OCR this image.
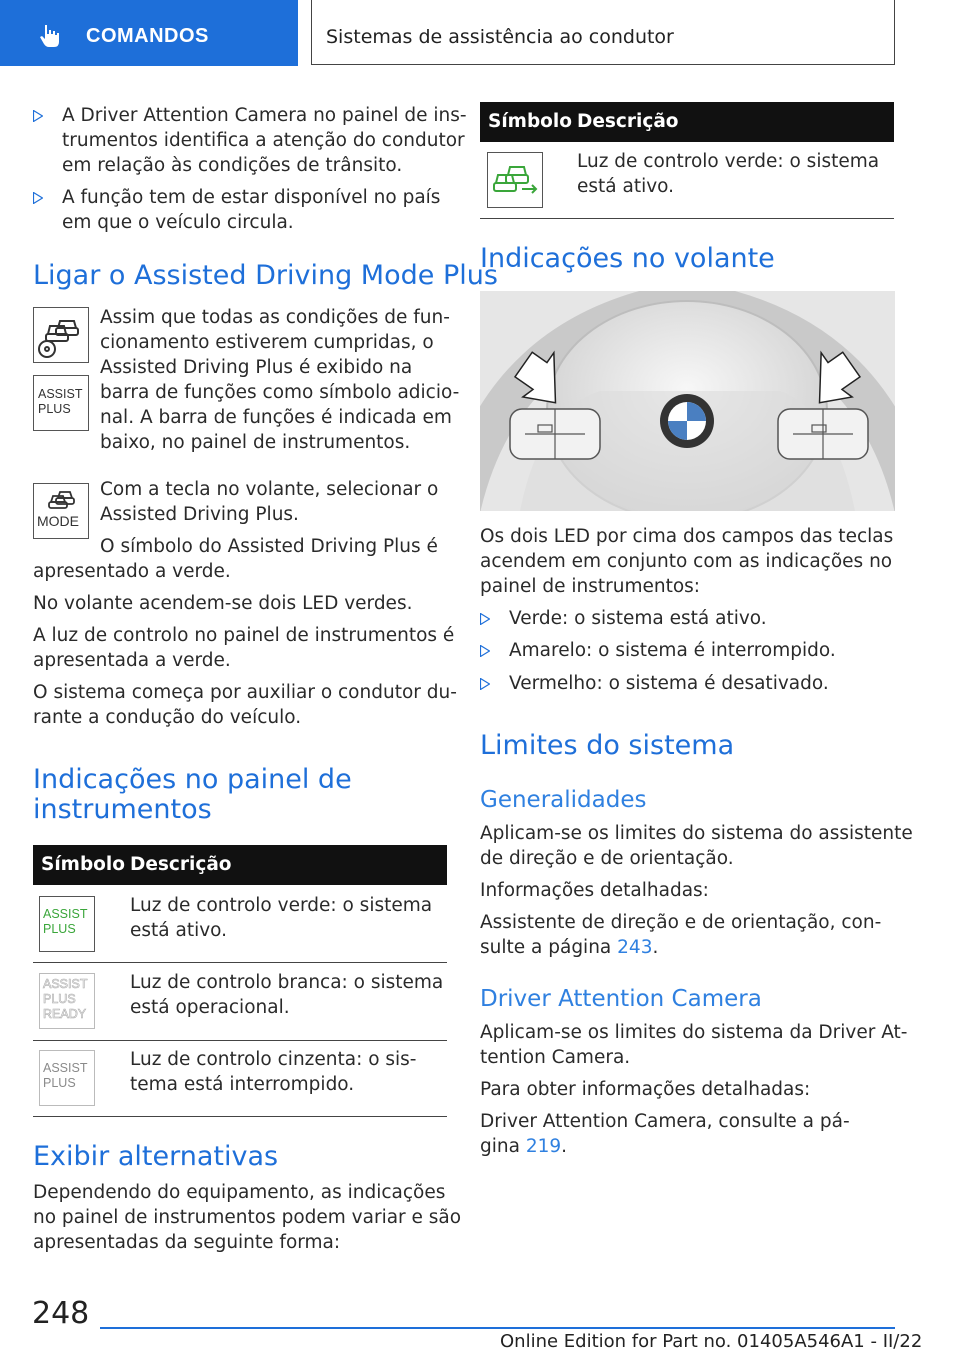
COMANDOS	Sistemas de assistência ao condutor
A Driver Attention Camera no painel de ins-
trumentos identifica a atenção do condutor
em relação às condições de trânsito.
A função tem de estar disponível no país
em que o veículo circula.
Ligar o Assisted Driving Mode Plus
ASSIST
PLUS
Assim que todas as condições de fun-
cionamento estiverem cumpridas, o
Assisted Driving Plus é exibido na
barra de funções como símbolo adicio-
nal. A barra de funções é indicada em
baixo, no painel de instrumentos.
MODE
Com a tecla no volante, selecionar o
Assisted Driving Plus.
O símbolo do Assisted Driving Plus é
apresentado a verde.
No volante acendem-se dois LED verdes.
A luz de controlo no painel de instrumentos é
apresentada a verde.
O sistema começa por auxiliar o condutor du-
rante a condução do veículo.
Indicações no painel de
instrumentos
Símbolo Descrição
ASSIST
PLUS
Luz de controlo verde: o sistema
está ativo.
ASSIST
PLUS
READY
Luz de controlo branca: o sistema
está operacional.
ASSIST
PLUS
Luz de controlo cinzenta: o sis-
tema está interrompido.
Exibir alternativas
Dependendo do equipamento, as indicações
no painel de instrumentos podem variar e são
apresentadas da seguinte forma:
Símbolo Descrição
Luz de controlo verde: o sistema
está ativo.
Indicações no volante
Os dois LED por cima dos campos das teclas
acendem em conjunto com as indicações no
painel de instrumentos:
Verde: o sistema está ativo.
Amarelo: o sistema é interrompido.
Vermelho: o sistema é desativado.
Limites do sistema
Generalidades
Aplicam-se os limites do sistema do assistente
de direção e de orientação.
Informações detalhadas:
Assistente de direção e de orientação, con-
sulte a página 243.
Driver Attention Camera
Aplicam-se os limites do sistema da Driver At-
tention Camera.
Para obter informações detalhadas:
Driver Attention Camera, consulte a pá-
gina 219.
248
Online Edition for Part no. 01405A546A1 - II/22
